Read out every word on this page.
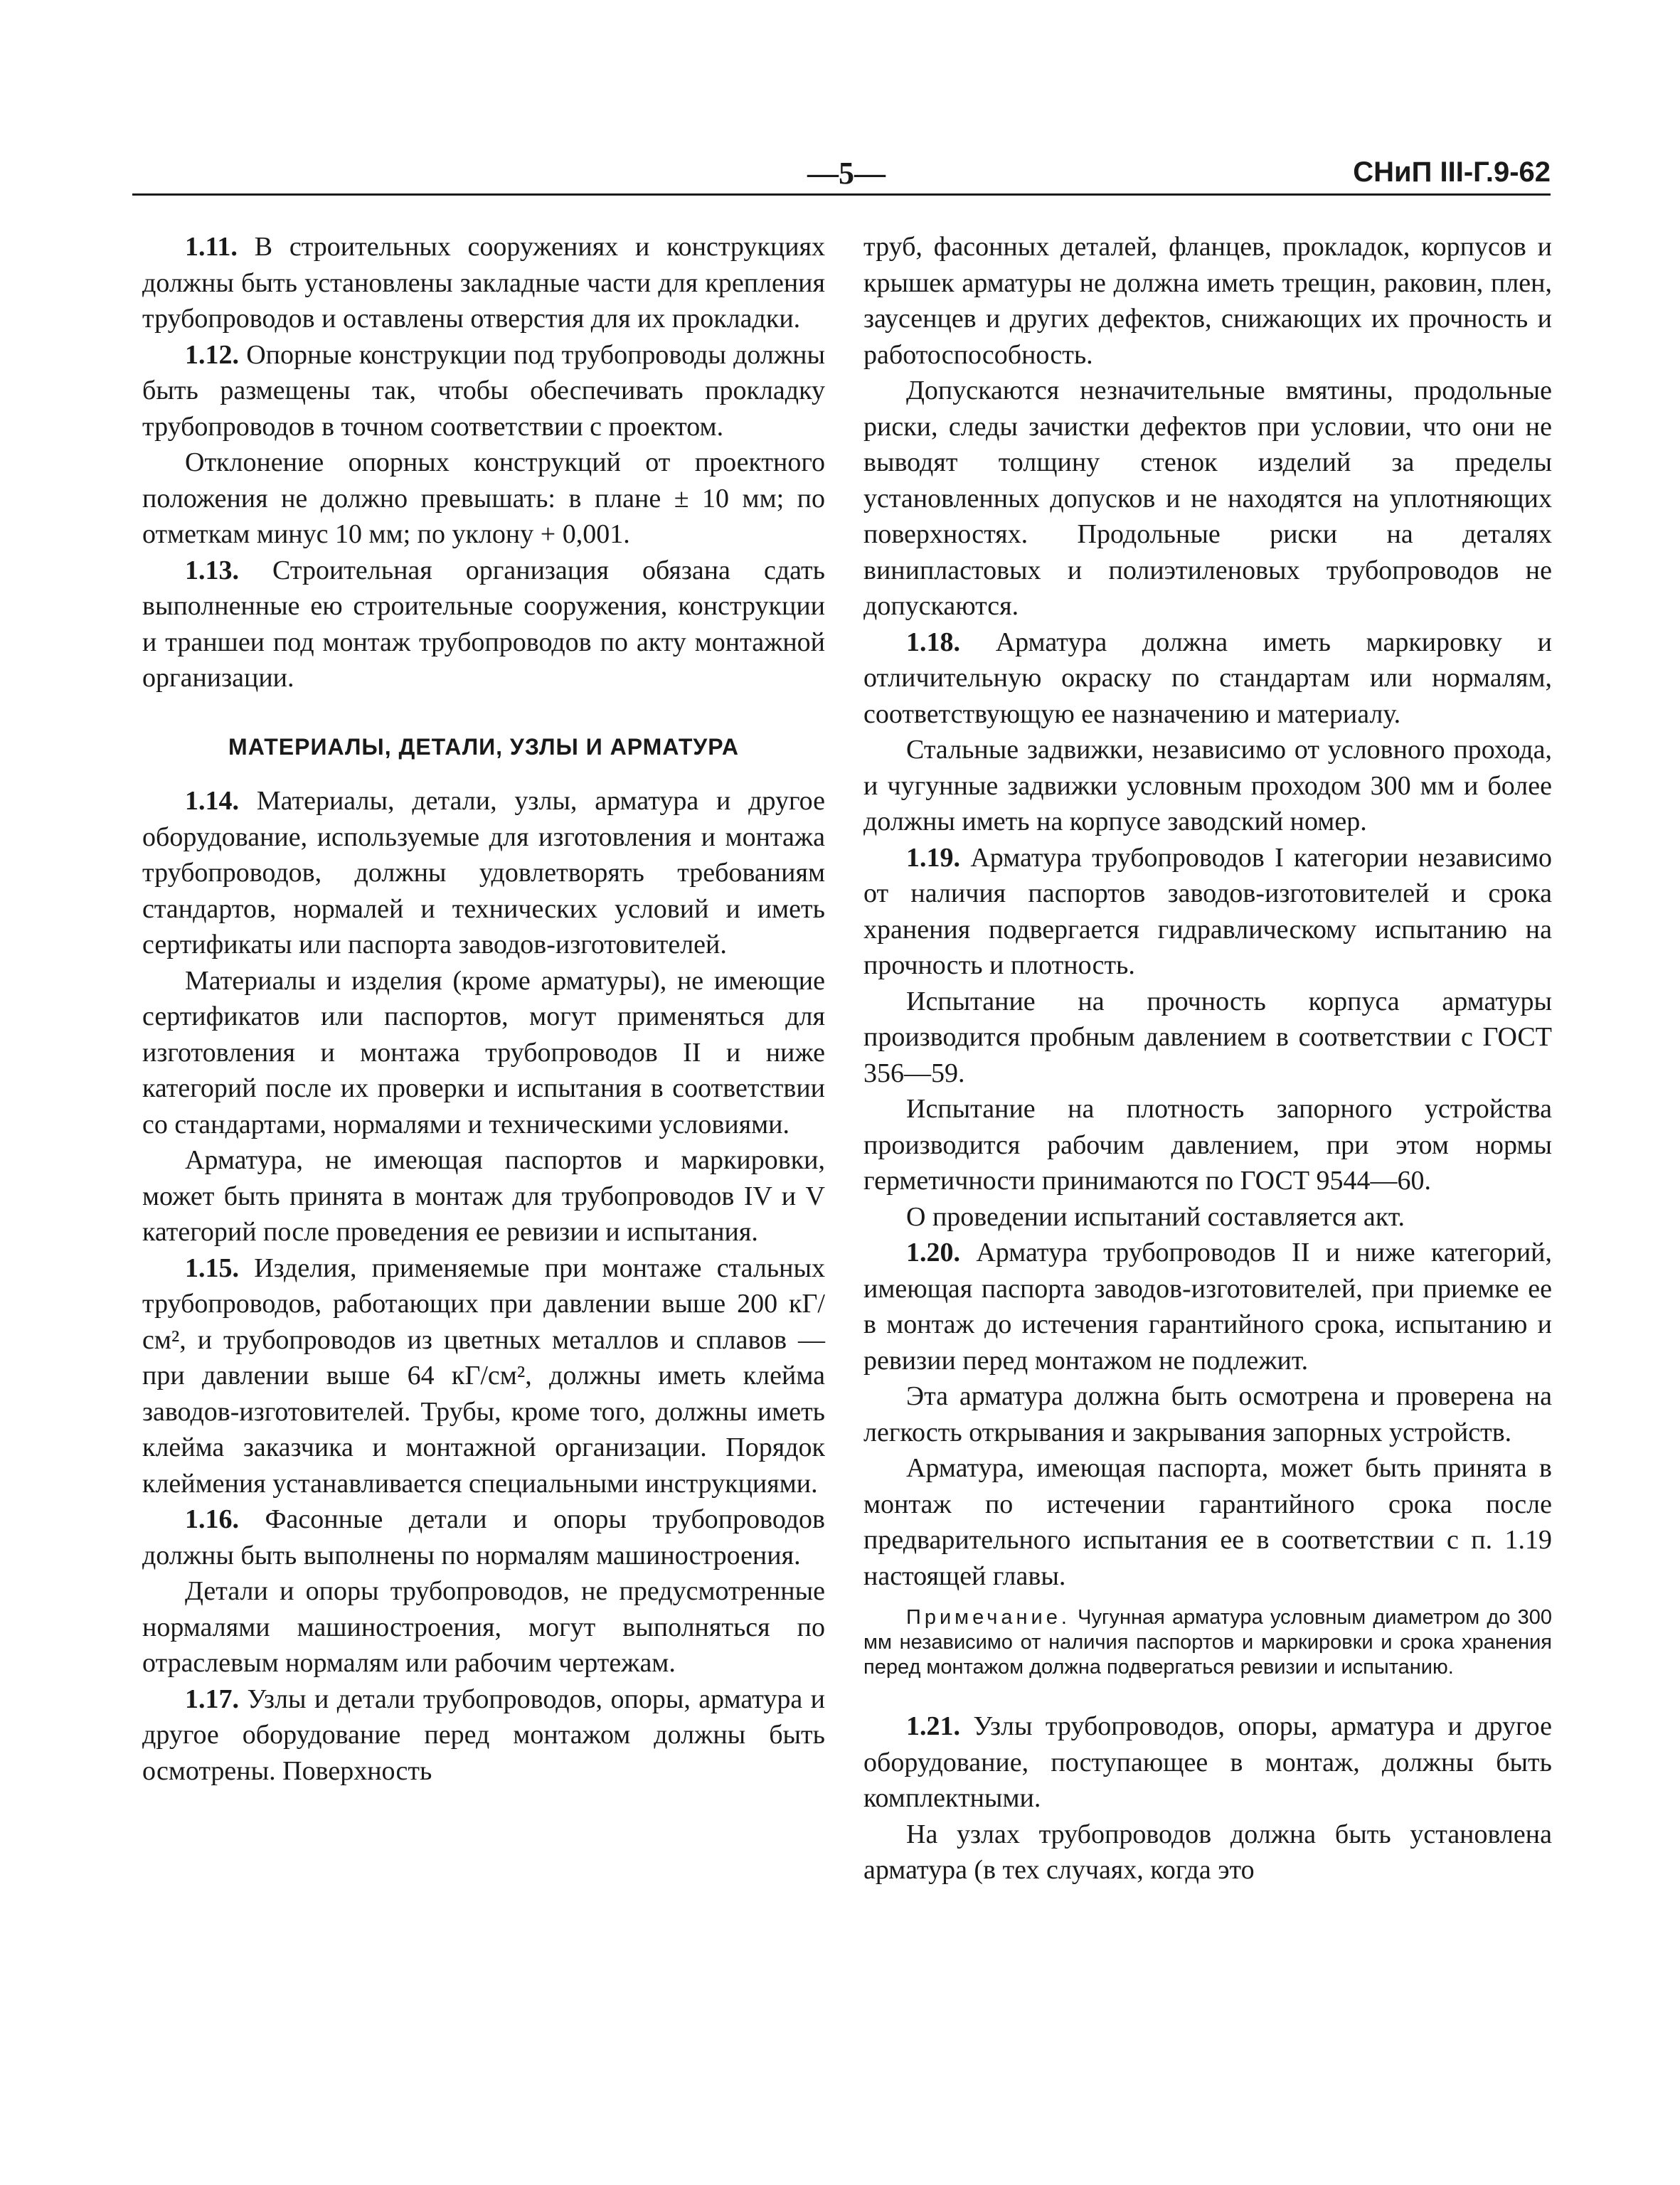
—5—	СНиП III-Г.9-62

1.11. В строительных сооружениях и конструкциях должны быть установлены закладные части для крепления трубопроводов и оставлены отверстия для их прокладки.

1.12. Опорные конструкции под трубопроводы должны быть размещены так, чтобы обеспечивать прокладку трубопроводов в точном соответствии с проектом.

Отклонение опорных конструкций от проектного положения не должно превышать: в плане ± 10 мм; по отметкам минус 10 мм; по уклону + 0,001.

1.13. Строительная организация обязана сдать выполненные ею строительные сооружения, конструкции и траншеи под монтаж трубопроводов по акту монтажной организации.

МАТЕРИАЛЫ, ДЕТАЛИ, УЗЛЫ И АРМАТУРА

1.14. Материалы, детали, узлы, арматура и другое оборудование, используемые для изготовления и монтажа трубопроводов, должны удовлетворять требованиям стандартов, нормалей и технических условий и иметь сертификаты или паспорта заводов-изготовителей.

Материалы и изделия (кроме арматуры), не имеющие сертификатов или паспортов, могут применяться для изготовления и монтажа трубопроводов II и ниже категорий после их проверки и испытания в соответствии со стандартами, нормалями и техническими условиями.

Арматура, не имеющая паспортов и маркировки, может быть принята в монтаж для трубопроводов IV и V категорий после проведения ее ревизии и испытания.

1.15. Изделия, применяемые при монтаже стальных трубопроводов, работающих при давлении выше 200 кГ/см², и трубопроводов из цветных металлов и сплавов — при давлении выше 64 кГ/см², должны иметь клейма заводов-изготовителей. Трубы, кроме того, должны иметь клейма заказчика и монтажной организации. Порядок клеймения устанавливается специальными инструкциями.

1.16. Фасонные детали и опоры трубопроводов должны быть выполнены по нормалям машиностроения.

Детали и опоры трубопроводов, не предусмотренные нормалями машиностроения, могут выполняться по отраслевым нормалям или рабочим чертежам.

1.17. Узлы и детали трубопроводов, опоры, арматура и другое оборудование перед монтажом должны быть осмотрены. Поверхность

труб, фасонных деталей, фланцев, прокладок, корпусов и крышек арматуры не должна иметь трещин, раковин, плен, заусенцев и других дефектов, снижающих их прочность и работоспособность.

Допускаются незначительные вмятины, продольные риски, следы зачистки дефектов при условии, что они не выводят толщину стенок изделий за пределы установленных допусков и не находятся на уплотняющих поверхностях. Продольные риски на деталях винипластовых и полиэтиленовых трубопроводов не допускаются.

1.18. Арматура должна иметь маркировку и отличительную окраску по стандартам или нормалям, соответствующую ее назначению и материалу.

Стальные задвижки, независимо от условного прохода, и чугунные задвижки условным проходом 300 мм и более должны иметь на корпусе заводский номер.

1.19. Арматура трубопроводов I категории независимо от наличия паспортов заводов-изготовителей и срока хранения подвергается гидравлическому испытанию на прочность и плотность.

Испытание на прочность корпуса арматуры производится пробным давлением в соответствии с ГОСТ 356—59.

Испытание на плотность запорного устройства производится рабочим давлением, при этом нормы герметичности принимаются по ГОСТ 9544—60.

О проведении испытаний составляется акт.

1.20. Арматура трубопроводов II и ниже категорий, имеющая паспорта заводов-изготовителей, при приемке ее в монтаж до истечения гарантийного срока, испытанию и ревизии перед монтажом не подлежит.

Эта арматура должна быть осмотрена и проверена на легкость открывания и закрывания запорных устройств.

Арматура, имеющая паспорта, может быть принята в монтаж по истечении гарантийного срока после предварительного испытания ее в соответствии с п. 1.19 настоящей главы.

Примечание. Чугунная арматура условным диаметром до 300 мм независимо от наличия паспортов и маркировки и срока хранения перед монтажом должна подвергаться ревизии и испытанию.

1.21. Узлы трубопроводов, опоры, арматура и другое оборудование, поступающее в монтаж, должны быть комплектными.

На узлах трубопроводов должна быть установлена арматура (в тех случаях, когда это
